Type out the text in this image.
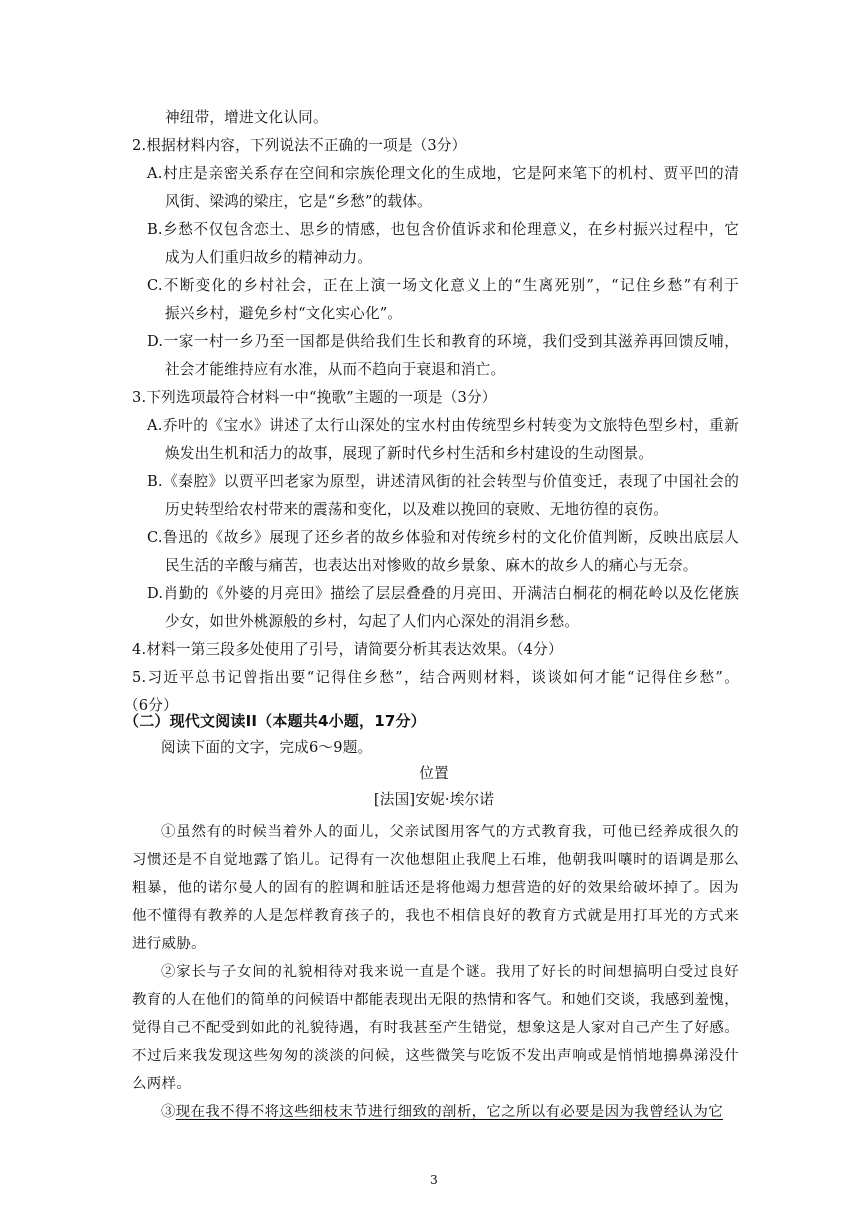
神纽带，增进文化认同。
2.根据材料内容，下列说法不正确的一项是（3分）
A.村庄是亲密关系存在空间和宗族伦理文化的生成地，它是阿来笔下的机村、贾平凹的清
风街、梁鸿的梁庄，它是“乡愁”的载体。
B.乡愁不仅包含恋土、思乡的情感，也包含价值诉求和伦理意义，在乡村振兴过程中，它
成为人们重归故乡的精神动力。
C.不断变化的乡村社会，正在上演一场文化意义上的“生离死别”，“记住乡愁”有利于
振兴乡村，避免乡村“文化实心化”。
D.一家一村一乡乃至一国都是供给我们生长和教育的环境，我们受到其滋养再回馈反哺，
社会才能维持应有水准，从而不趋向于衰退和消亡。
3.下列选项最符合材料一中“挽歌”主题的一项是（3分）
A.乔叶的《宝水》讲述了太行山深处的宝水村由传统型乡村转变为文旅特色型乡村，重新
焕发出生机和活力的故事，展现了新时代乡村生活和乡村建设的生动图景。
B.《秦腔》以贾平凹老家为原型，讲述清风街的社会转型与价值变迁，表现了中国社会的
历史转型给农村带来的震荡和变化，以及难以挽回的衰败、无地彷徨的哀伤。
C.鲁迅的《故乡》展现了还乡者的故乡体验和对传统乡村的文化价值判断，反映出底层人
民生活的辛酸与痛苦，也表达出对惨败的故乡景象、麻木的故乡人的痛心与无奈。
D.肖勤的《外婆的月亮田》描绘了层层叠叠的月亮田、开满洁白桐花的桐花岭以及仡佬族
少女，如世外桃源般的乡村，勾起了人们内心深处的涓涓乡愁。
4.材料一第三段多处使用了引号，请简要分析其表达效果。（4分）
5.习近平总书记曾指出要“记得住乡愁”，结合两则材料，谈谈如何才能“记得住乡愁”。
（6分）
（二）现代文阅读II（本题共4小题，17分）
阅读下面的文字，完成6～9题。
位置
[法国]安妮·埃尔诺
①虽然有的时候当着外人的面儿，父亲试图用客气的方式教育我，可他已经养成很久的
习惯还是不自觉地露了馅儿。记得有一次他想阻止我爬上石堆，他朝我叫嚷时的语调是那么
粗暴，他的诺尔曼人的固有的腔调和脏话还是将他竭力想营造的好的效果给破坏掉了。因为
他不懂得有教养的人是怎样教育孩子的，我也不相信良好的教育方式就是用打耳光的方式来
进行威胁。
②家长与子女间的礼貌相待对我来说一直是个谜。我用了好长的时间想搞明白受过良好
教育的人在他们的简单的问候语中都能表现出无限的热情和客气。和她们交谈，我感到羞愧，
觉得自己不配受到如此的礼貌待遇，有时我甚至产生错觉，想象这是人家对自己产生了好感。
不过后来我发现这些匆匆的淡淡的问候，这些微笑与吃饭不发出声响或是悄悄地擤鼻涕没什
么两样。
③现在我不得不将这些细枝末节进行细致的剖析，它之所以有必要是因为我曾经认为它
3
